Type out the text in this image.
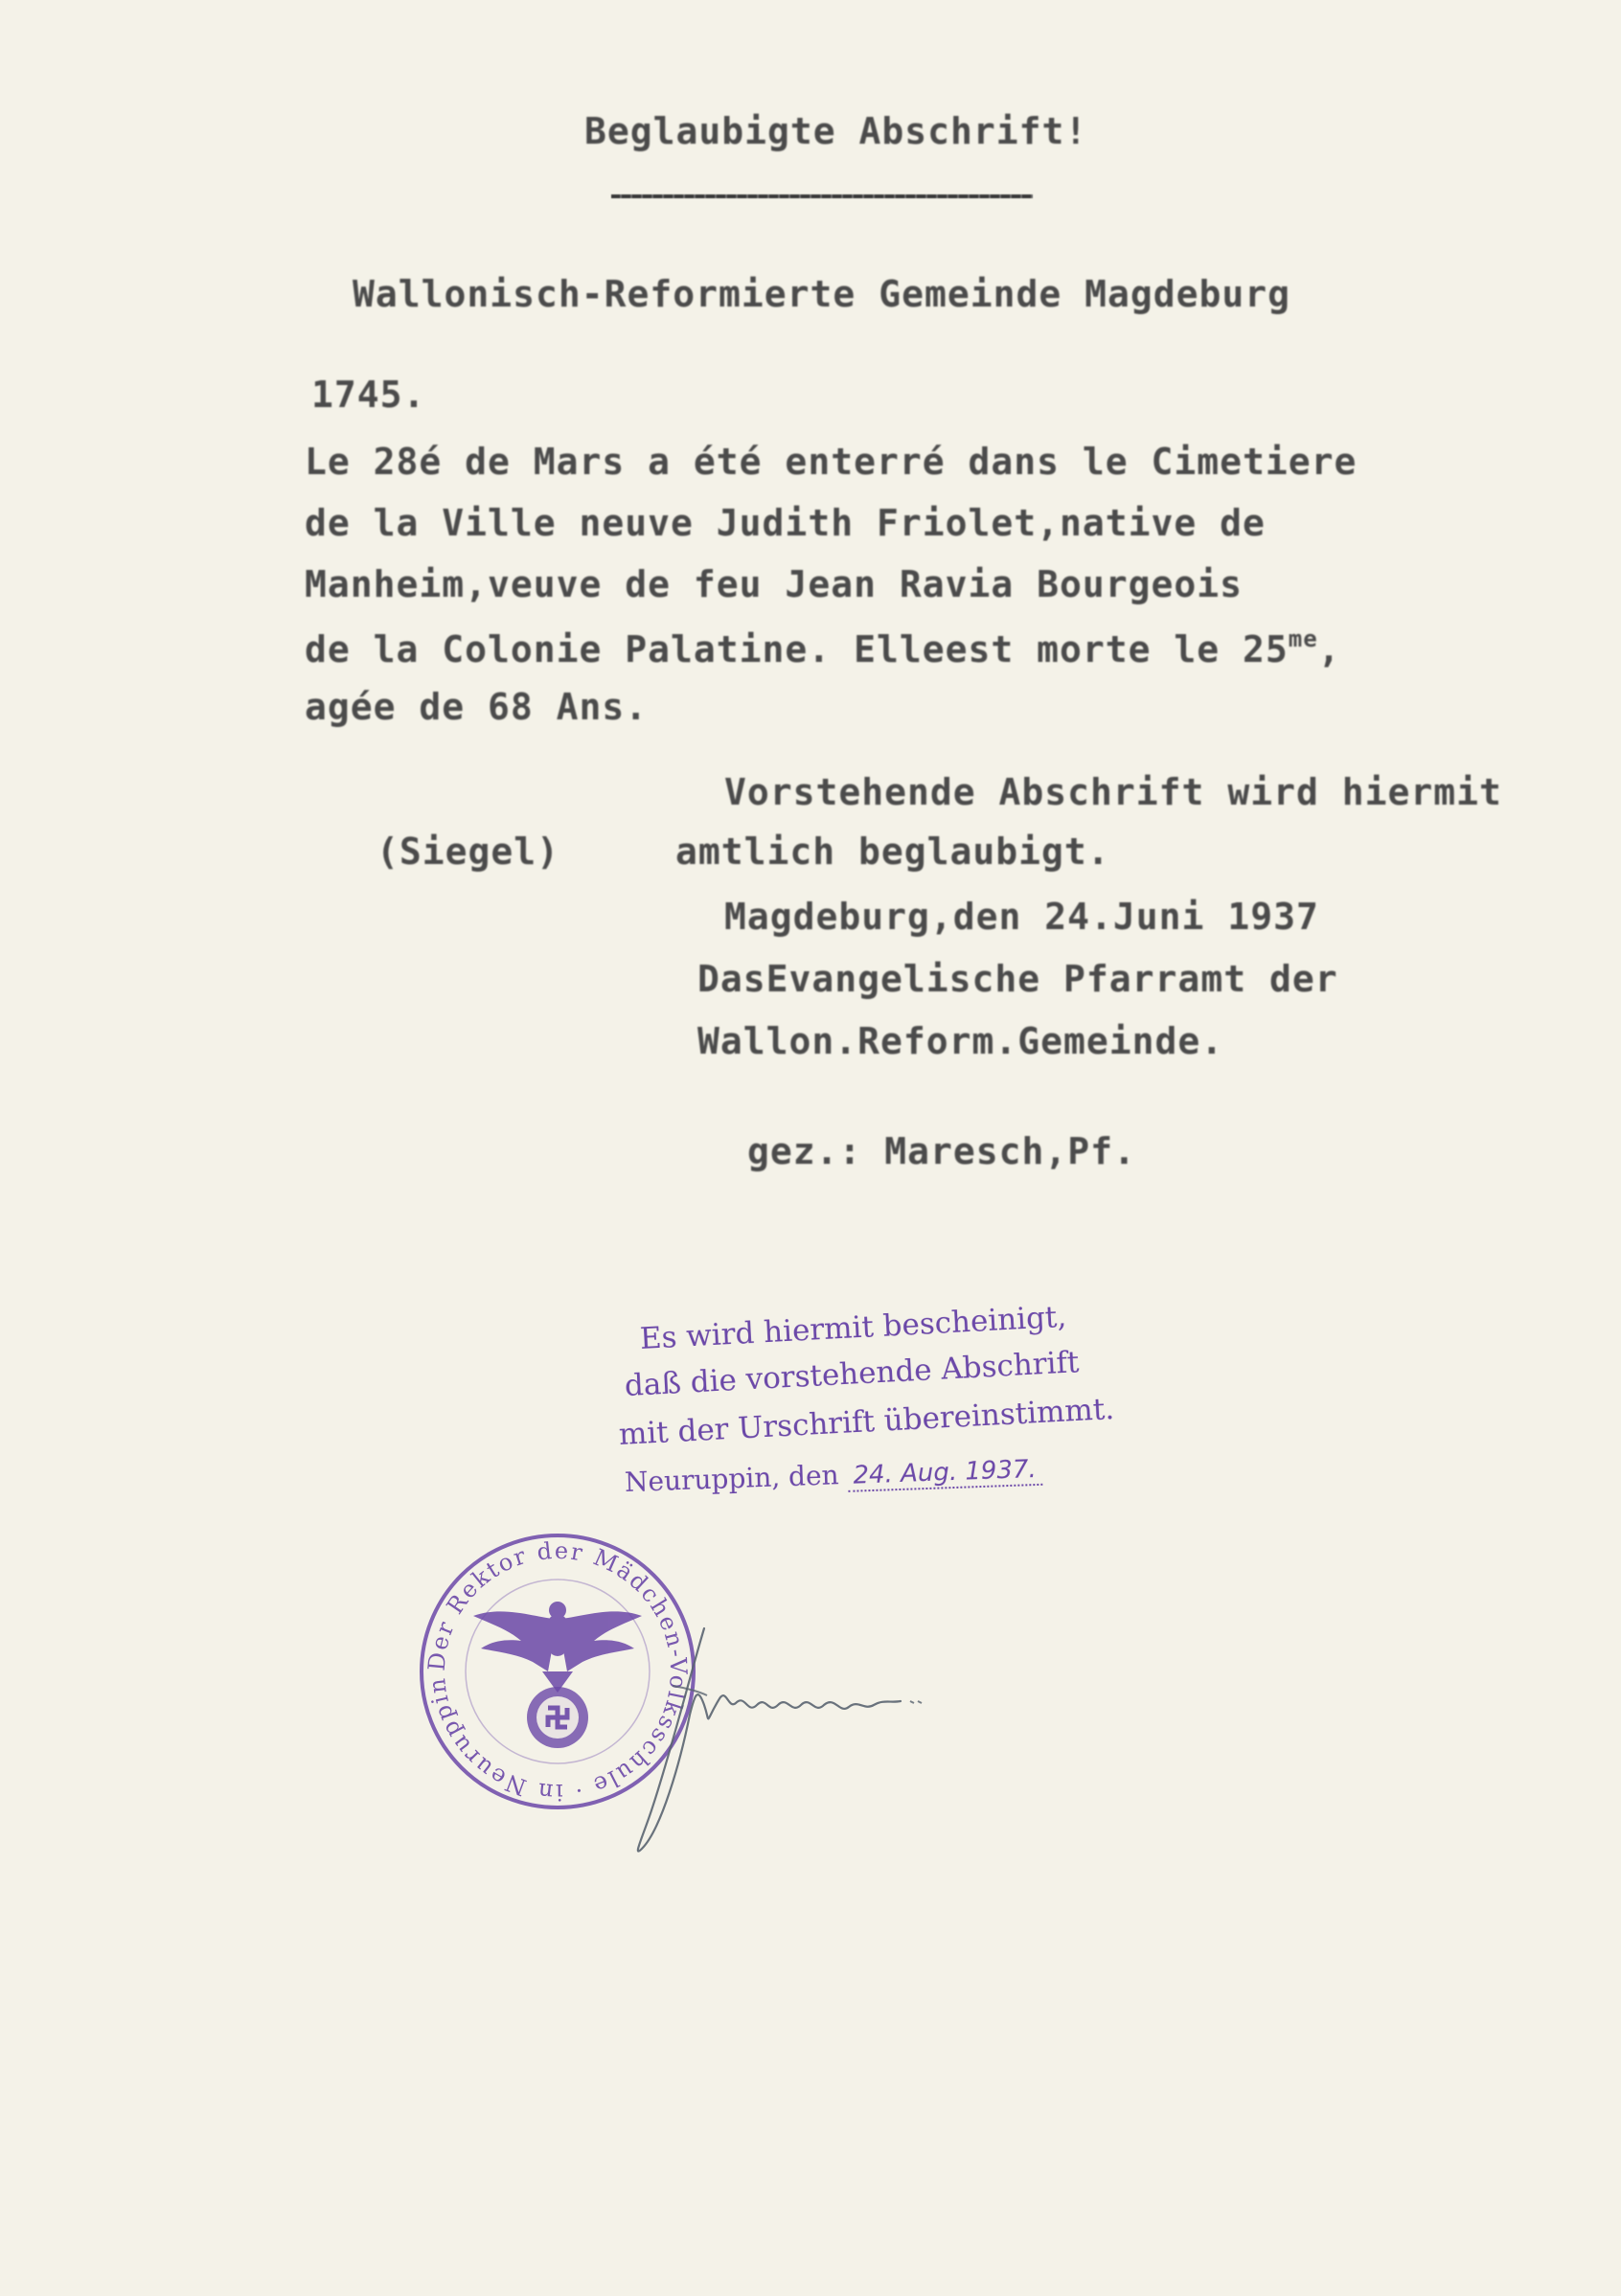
Beglaubigte Abschrift!
Wallonisch-Reformierte Gemeinde Magdeburg
1745.
Le 28é de Mars a été enterré dans le Cimetiere
de la Ville neuve Judith Friolet,native de
Manheim,veuve de feu Jean Ravia Bourgeois
de la Colonie Palatine. Elleest morte le $25^{me}$,
agée de 68 Ans.
Vorstehende Abschrift wird hiermit
(Siegel)	amtlich beglaubigt.
Magdeburg,den 24.Juni 1937
DasEvangelische Pfarramt der
Wallon.Reform.Gemeinde.
gez.: Maresch,Pf.
Es wird hiermit bescheinigt,
daß die vorstehende Abschrift
mit der Urschrift übereinstimmt.
Neuruppin, den 24. Aug. 1937.
Der Rektor der Mädchen-Volksschule · in Neuruppin
